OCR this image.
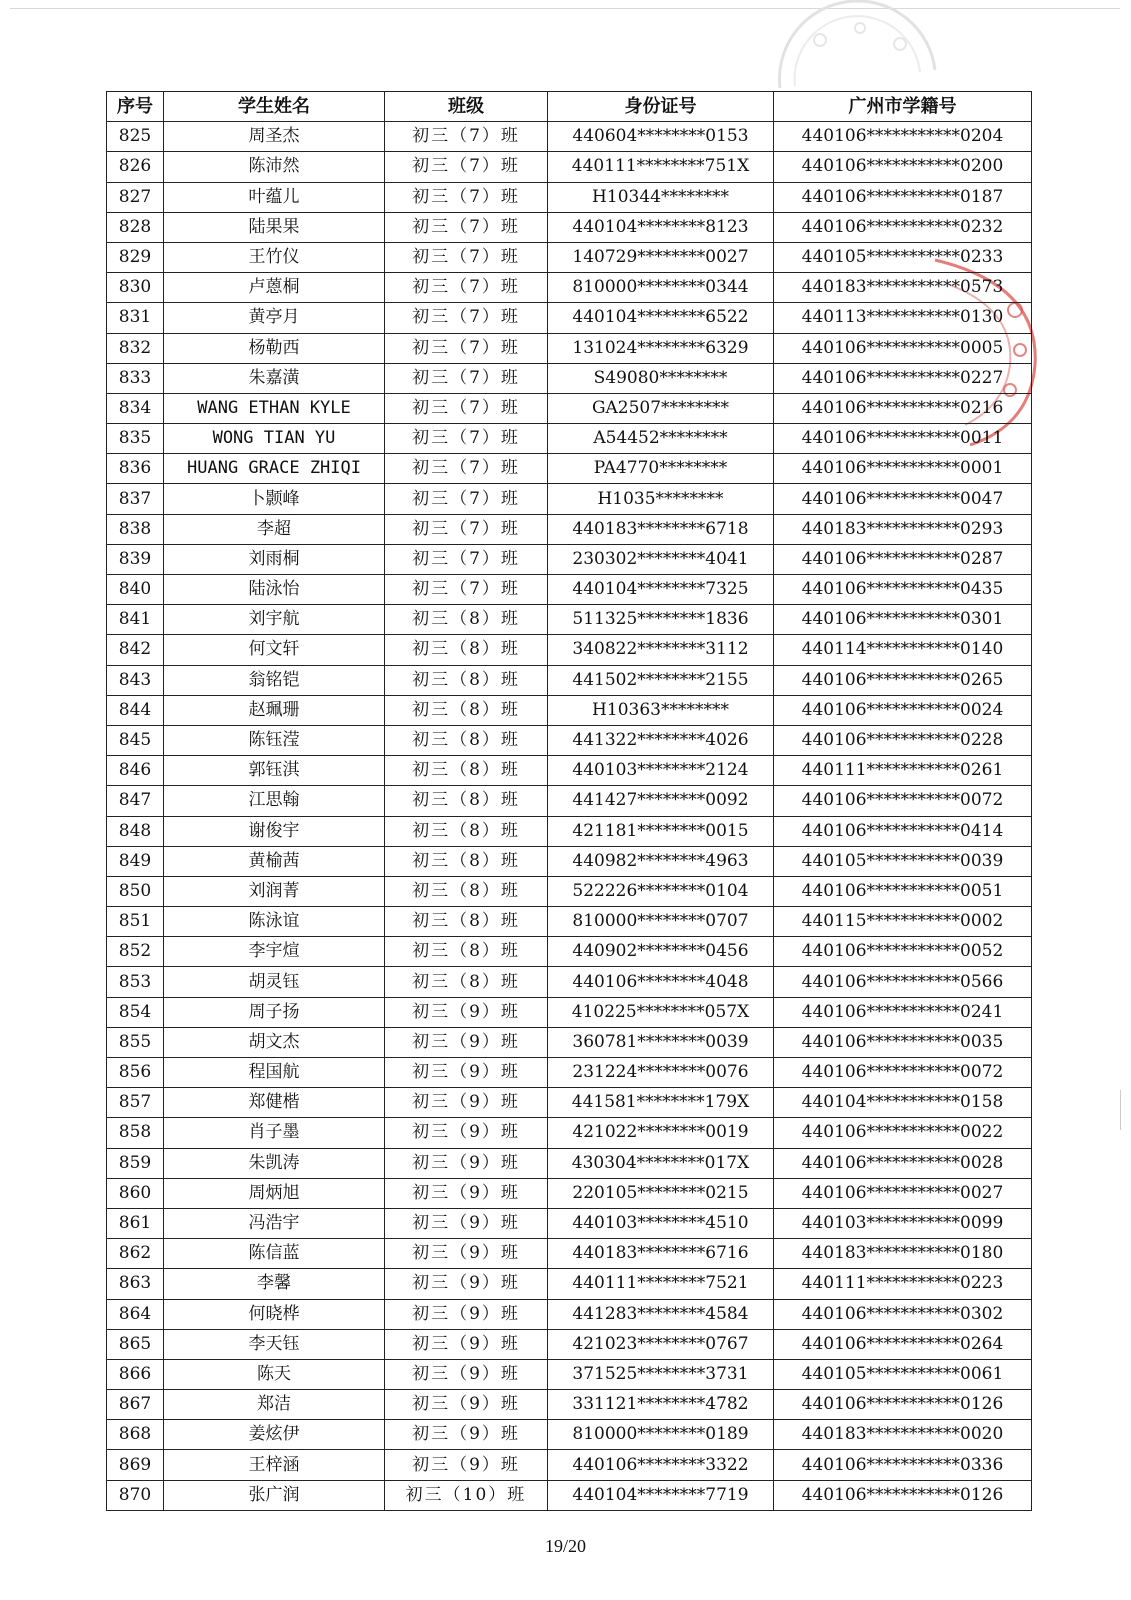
序号	学生姓名	班级	身份证号	广州市学籍号
825	周圣杰	初三（7）班	440604********0153	440106***********0204
826	陈沛然	初三（7）班	440111********751X	440106***********0200
827	叶蕴儿	初三（7）班	H10344********	440106***********0187
828	陆果果	初三（7）班	440104********8123	440106***********0232
829	王竹仪	初三（7）班	140729********0027	440105***********0233
830	卢蒽桐	初三（7）班	810000********0344	440183***********0573
831	黄亭月	初三（7）班	440104********6522	440113***********0130
832	杨勒西	初三（7）班	131024********6329	440106***********0005
833	朱嘉潢	初三（7）班	S49080********	440106***********0227
834	WANG ETHAN KYLE	初三（7）班	GA2507********	440106***********0216
835	WONG TIAN YU	初三（7）班	A54452********	440106***********0011
836	HUANG GRACE ZHIQI	初三（7）班	PA4770********	440106***********0001
837	卜颢峰	初三（7）班	H1035********	440106***********0047
838	李超	初三（7）班	440183********6718	440183***********0293
839	刘雨桐	初三（7）班	230302********4041	440106***********0287
840	陆泳怡	初三（7）班	440104********7325	440106***********0435
841	刘宇航	初三（8）班	511325********1836	440106***********0301
842	何文轩	初三（8）班	340822********3112	440114***********0140
843	翁铭铠	初三（8）班	441502********2155	440106***********0265
844	赵珮珊	初三（8）班	H10363********	440106***********0024
845	陈钰滢	初三（8）班	441322********4026	440106***********0228
846	郭钰淇	初三（8）班	440103********2124	440111***********0261
847	江思翰	初三（8）班	441427********0092	440106***********0072
848	谢俊宇	初三（8）班	421181********0015	440106***********0414
849	黄榆茜	初三（8）班	440982********4963	440105***********0039
850	刘润菁	初三（8）班	522226********0104	440106***********0051
851	陈泳谊	初三（8）班	810000********0707	440115***********0002
852	李宇煊	初三（8）班	440902********0456	440106***********0052
853	胡灵钰	初三（8）班	440106********4048	440106***********0566
854	周子扬	初三（9）班	410225********057X	440106***********0241
855	胡文杰	初三（9）班	360781********0039	440106***********0035
856	程国航	初三（9）班	231224********0076	440106***********0072
857	郑健楷	初三（9）班	441581********179X	440104***********0158
858	肖子墨	初三（9）班	421022********0019	440106***********0022
859	朱凯涛	初三（9）班	430304********017X	440106***********0028
860	周炳旭	初三（9）班	220105********0215	440106***********0027
861	冯浩宇	初三（9）班	440103********4510	440103***********0099
862	陈信蓝	初三（9）班	440183********6716	440183***********0180
863	李馨	初三（9）班	440111********7521	440111***********0223
864	何晓桦	初三（9）班	441283********4584	440106***********0302
865	李天钰	初三（9）班	421023********0767	440106***********0264
866	陈天	初三（9）班	371525********3731	440105***********0061
867	郑洁	初三（9）班	331121********4782	440106***********0126
868	姜炫伊	初三（9）班	810000********0189	440183***********0020
869	王梓涵	初三（9）班	440106********3322	440106***********0336
870	张广润	初三（10）班	440104********7719	440106***********0126
19/20
